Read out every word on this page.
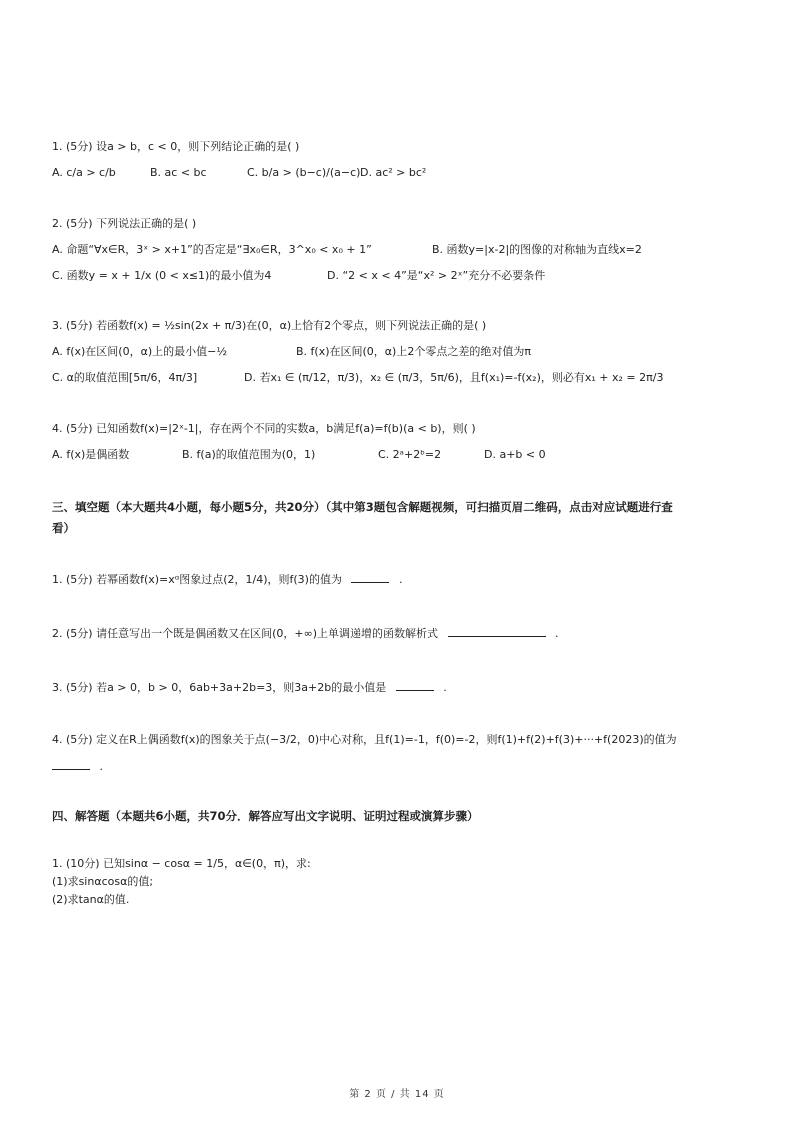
1. (5分) 设a > b，c < 0，则下列结论正确的是( )
A. c/a > c/b	B. ac < bc	C. b/a > (b−c)/(a−c) D. ac² > bc²
2. (5分) 下列说法正确的是( )
A. 命题“∀x∈R，3ˣ > x+1”的否定是“∃x₀∈R，3^x₀ < x₀ + 1”	B. 函数y=|x-2|的图像的对称轴为直线x=2
C. 函数y = x + 1/x (0 < x≤1)的最小值为4	D. “2 < x < 4”是“x² > 2ˣ”充分不必要条件
3. (5分) 若函数f(x) = ½sin(2x + π/3)在(0，α)上恰有2个零点，则下列说法正确的是( )
A. f(x)在区间(0，α)上的最小值−½	B. f(x)在区间(0，α)上2个零点之差的绝对值为π
C. α的取值范围[5π/6，4π/3]	D. 若x₁ ∈ (π/12，π/3)，x₂ ∈ (π/3，5π/6)，且f(x₁)=-f(x₂)，则必有x₁ + x₂ = 2π/3
4. (5分) 已知函数f(x)=|2ˣ-1|，存在两个不同的实数a，b满足f(a)=f(b)(a < b)，则( )
A. f(x)是偶函数	B. f(a)的取值范围为(0，1)	C. 2ᵃ+2ᵇ=2	D. a+b < 0
三、填空题（本大题共4小题，每小题5分，共20分）（其中第3题包含解题视频，可扫描页眉二维码，点击对应试题进行查
看）
1. (5分) 若幂函数f(x)=xᵅ图象过点(2，1/4)，则f(3)的值为	.
2. (5分) 请任意写出一个既是偶函数又在区间(0，+∞)上单调递增的函数解析式	.
3. (5分) 若a > 0，b > 0，6ab+3a+2b=3，则3a+2b的最小值是	.
4. (5分) 定义在R上偶函数f(x)的图象关于点(−3/2，0)中心对称，且f(1)=-1，f(0)=-2，则f(1)+f(2)+f(3)+···+f(2023)的值为
.
四、解答题（本题共6小题，共70分．解答应写出文字说明、证明过程或演算步骤）
1. (10分) 已知sinα − cosα = 1/5，α∈(0，π)，求:
(1)求sinαcosα的值;
(2)求tanα的值.
第 2 页 / 共 14 页
